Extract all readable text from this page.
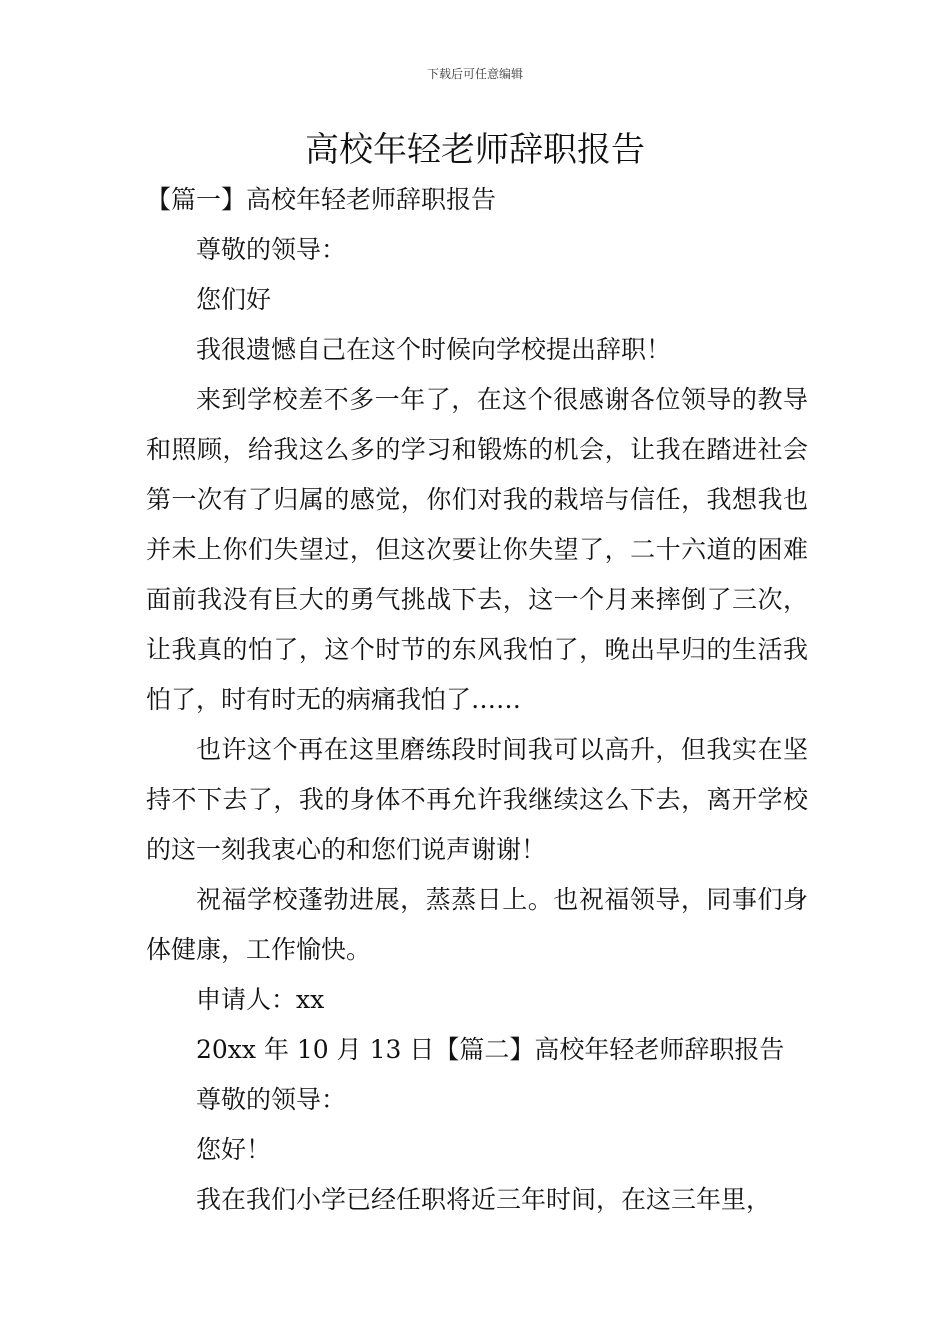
下载后可任意编辑
高校年轻老师辞职报告

【篇一】高校年轻老师辞职报告

尊敬的领导：

您们好

我很遗憾自己在这个时候向学校提出辞职！

来到学校差不多一年了，在这个很感谢各位领导的教导和照顾，给我这么多的学习和锻炼的机会，让我在踏进社会第一次有了归属的感觉，你们对我的栽培与信任，我想我也并未上你们失望过，但这次要让你失望了，二十六道的困难面前我没有巨大的勇气挑战下去，这一个月来摔倒了三次，让我真的怕了，这个时节的东风我怕了，晚出早归的生活我怕了，时有时无的病痛我怕了……

也许这个再在这里磨练段时间我可以高升，但我实在坚持不下去了，我的身体不再允许我继续这么下去，离开学校的这一刻我衷心的和您们说声谢谢！

祝福学校蓬勃进展，蒸蒸日上。也祝福领导，同事们身体健康，工作愉快。

申请人：xx

20xx 年 10 月 13 日【篇二】高校年轻老师辞职报告

尊敬的领导：

您好！

我在我们小学已经任职将近三年时间，在这三年里，
